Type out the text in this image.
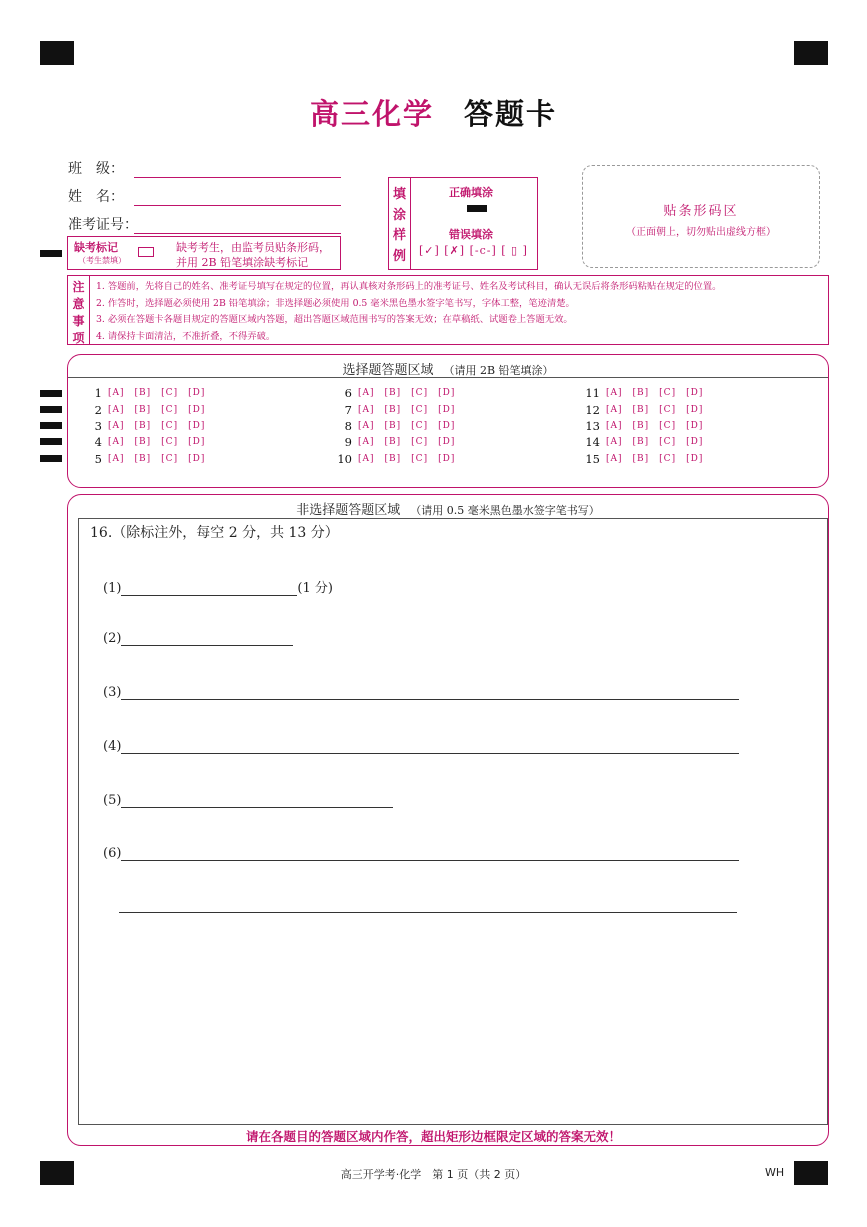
高三化学 答题卡
班　级：
姓　名：
准考证号：
缺考标记
（考生禁填）
缺考考生，由监考员贴条形码，
并用 2B 铅笔填涂缺考标记
填
涂
样
例
正确填涂
错误填涂
[✓] [✗] [-c-] [ ▯ ]
贴条形码区
（正面朝上，切勿贴出虚线方框）
注
意
事
项
1. 答题前，先将自己的姓名、准考证号填写在规定的位置，再认真核对条形码上的准考证号、姓名及考试科目，确认无误后将条形码粘贴在规定的位置。
2. 作答时，选择题必须使用 2B 铅笔填涂；非选择题必须使用 0.5 毫米黑色墨水签字笔书写，字体工整，笔迹清楚。
3. 必须在答题卡各题目规定的答题区域内答题，超出答题区域范围书写的答案无效；在草稿纸、试题卷上答题无效。
4. 请保持卡面清洁，不准折叠，不得弄破。
选择题答题区域 （请用 2B 铅笔填涂）
1 [A] [B] [C] [D]
2 [A] [B] [C] [D]
3 [A] [B] [C] [D]
4 [A] [B] [C] [D]
5 [A] [B] [C] [D]
6 [A] [B] [C] [D]
7 [A] [B] [C] [D]
8 [A] [B] [C] [D]
9 [A] [B] [C] [D]
10 [A] [B] [C] [D]
11 [A] [B] [C] [D]
12 [A] [B] [C] [D]
13 [A] [B] [C] [D]
14 [A] [B] [C] [D]
15 [A] [B] [C] [D]
非选择题答题区域 （请用 0.5 毫米黑色墨水签字笔书写）
16.（除标注外，每空 2 分，共 13 分）
(1)	(1 分)
(2)
(3)
(4)
(5)
(6)
请在各题目的答题区域内作答，超出矩形边框限定区域的答案无效！
高三开学考·化学　第 1 页（共 2 页）	WH
